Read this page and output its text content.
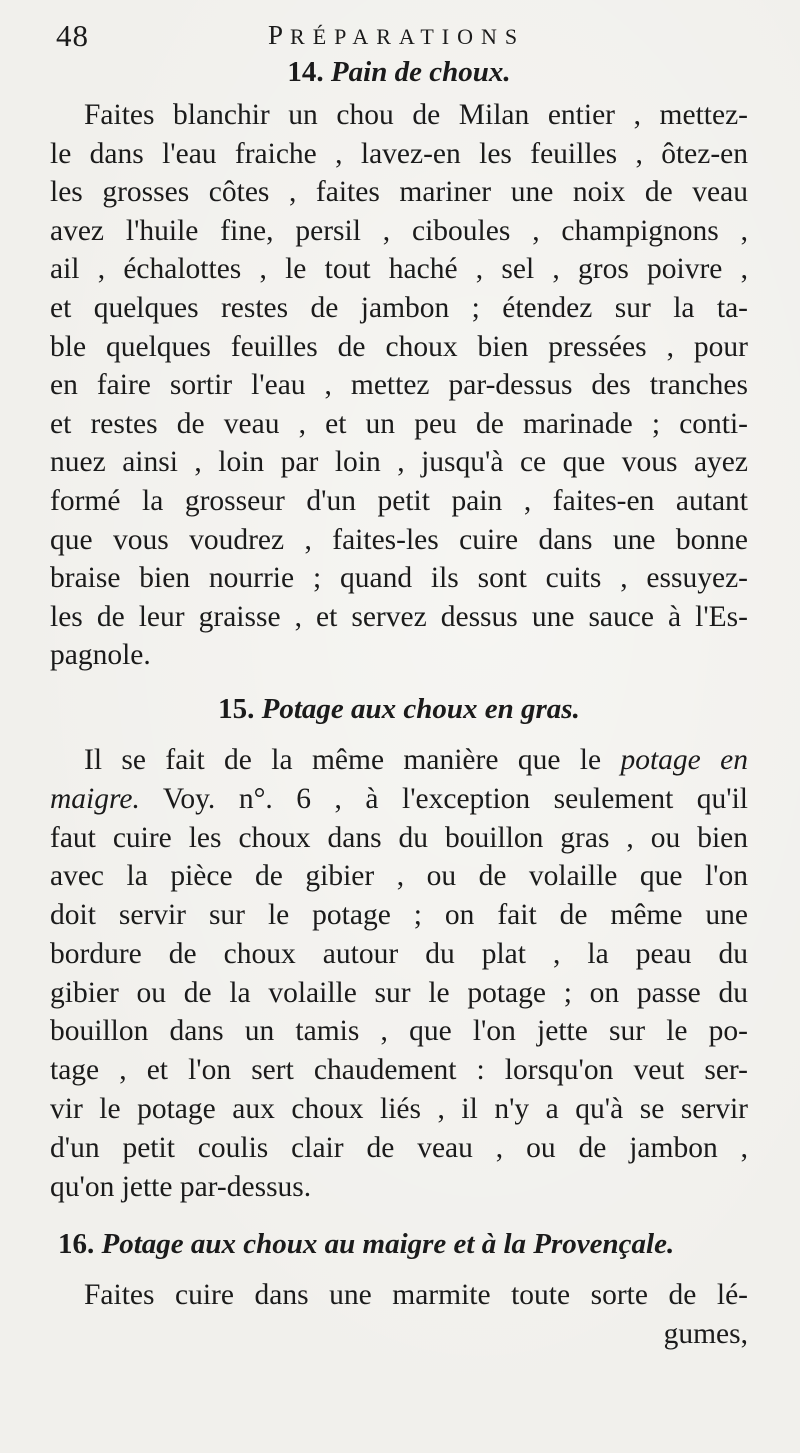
48	PRÉPARATIONS
14. Pain de choux.
Faites blanchir un chou de Milan entier , mettez-
le dans l'eau fraiche , lavez-en les feuilles , ôtez-en
les grosses côtes , faites mariner une noix de veau
avez l'huile fine, persil , ciboules , champignons ,
ail , échalottes , le tout haché , sel , gros poivre ,
et quelques restes de jambon ; étendez sur la ta-
ble quelques feuilles de choux bien pressées , pour
en faire sortir l'eau , mettez par-dessus des tranches
et restes de veau , et un peu de marinade ; conti-
nuez ainsi , loin par loin , jusqu'à ce que vous ayez
formé la grosseur d'un petit pain , faites-en autant
que vous voudrez , faites-les cuire dans une bonne
braise bien nourrie ; quand ils sont cuits , essuyez-
les de leur graisse , et servez dessus une sauce à l'Es-
pagnole.
15. Potage aux choux en gras.
Il se fait de la même manière que le potage en
maigre. Voy. n°. 6 , à l'exception seulement qu'il
faut cuire les choux dans du bouillon gras , ou bien
avec la pièce de gibier , ou de volaille que l'on
doit servir sur le potage ; on fait de même une
bordure de choux autour du plat , la peau du
gibier ou de la volaille sur le potage ; on passe du
bouillon dans un tamis , que l'on jette sur le po-
tage , et l'on sert chaudement : lorsqu'on veut ser-
vir le potage aux choux liés , il n'y a qu'à se servir
d'un petit coulis clair de veau , ou de jambon ,
qu'on jette par-dessus.
16. Potage aux choux au maigre et à la Provençale.
Faites cuire dans une marmite toute sorte de lé-
gumes,
